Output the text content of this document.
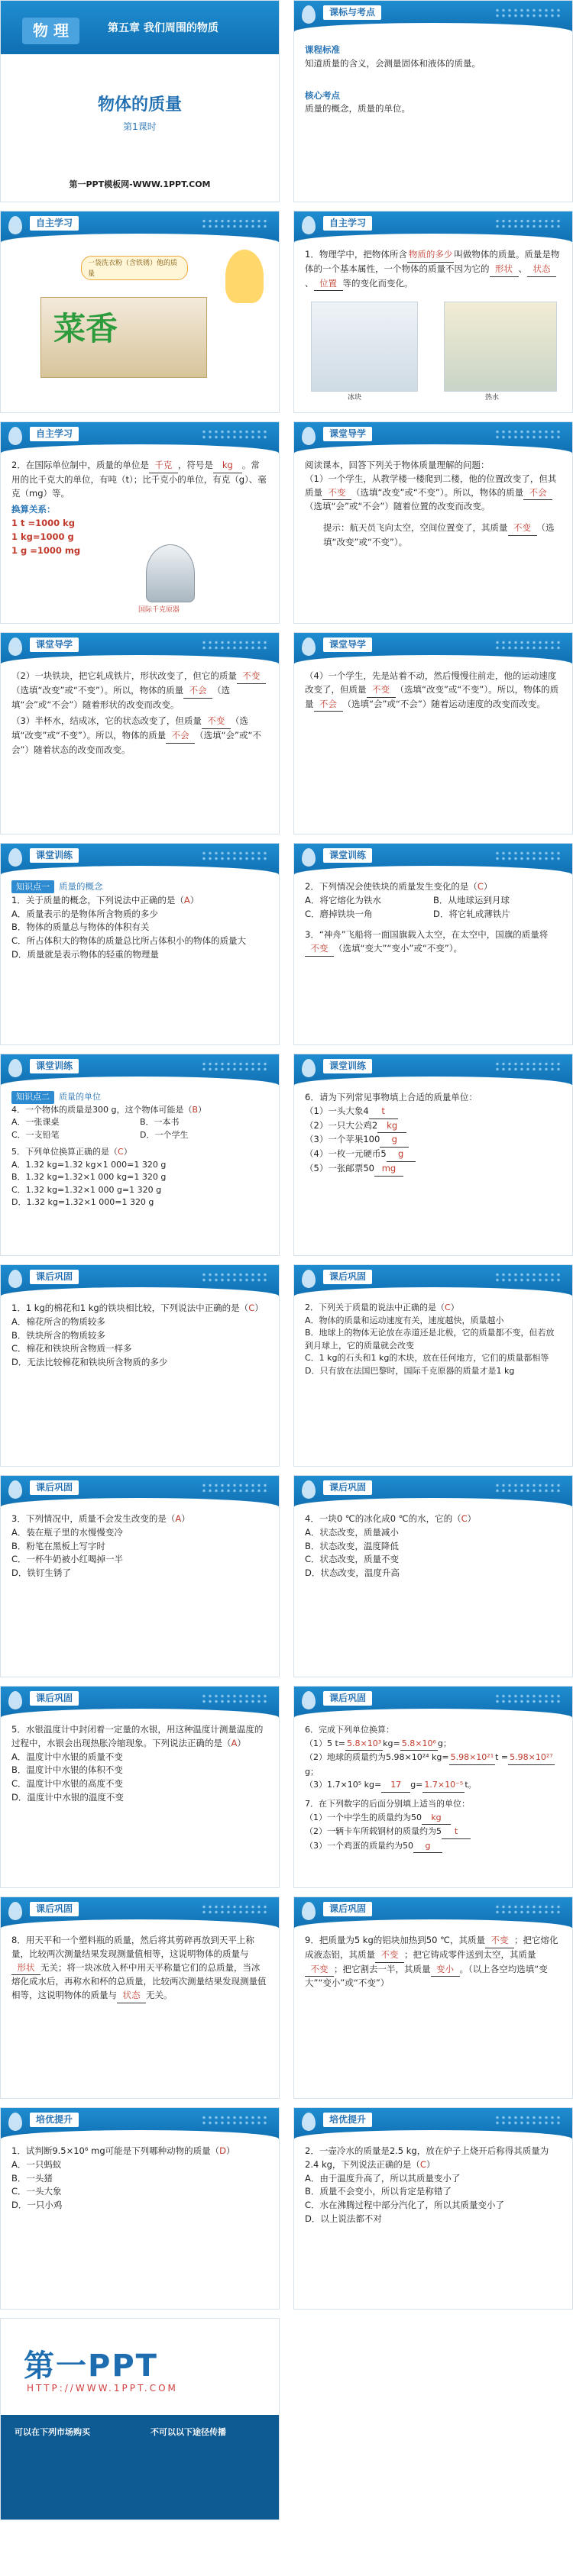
物 理	第五章 我们周围的物质
物体的质量
第1课时
第一PPT模板网-WWW.1PPT.COM
课标与考点
课程标准
知道质量的含义，会测量固体和液体的质量。
核心考点
质量的概念，质量的单位。
自主学习
一袋洗衣粉（含铁锈）他的质量
菜香
自主学习
1．物理学中，把物体所含 物质的多少 叫做物体的质量。质量是物体的一个基本属性，一个物体的质量不因为它的 形状 、 状态、 位置 等的变化而变化。
冰块	热水
自主学习
2．在国际单位制中，质量的单位是 千克 ，符号是 kg 。常用的比千克大的单位，有吨（t）；比千克小的单位，有克（g）、毫克（mg）等。
换算关系：
1 t =1000 kg
1 kg=1000 g
1 g =1000 mg
国际千克原器
课堂导学
阅读课本，回答下列关于物体质量理解的问题：
（1）一个学生，从教学楼一楼爬到二楼，他的位置改变了，但其质量 不变 （选填“改变”或“不变”）。所以，物体的质量 不会（选填“会”或“不会”）随着位置的改变而改变。
提示：航天员飞向太空，空间位置变了，其质量 不变 （选填“改变”或“不变”）。
课堂导学
（2）一块铁块，把它轧成铁片，形状改变了，但它的质量 不变（选填“改变”或“不变”）。所以，物体的质量 不会 （选填“会”或“不会”）随着形状的改变而改变。
（3）半杯水，结成冰，它的状态改变了，但质量 不变 （选填“改变”或“不变”）。所以，物体的质量 不会 （选填“会”或“不会”）随着状态的改变而改变。
课堂导学
（4）一个学生，先是站着不动，然后慢慢往前走，他的运动速度改变了，但质量 不变 （选填“改变”或“不变”）。所以，物体的质量 不会 （选填“会”或“不会”）随着运动速度的改变而改变。
课堂训练
知识点一 质量的概念
1．关于质量的概念，下列说法中正确的是（A）
A．质量表示的是物体所含物质的多少
B．物体的质量总与物体的体积有关
C．所占体积大的物体的质量总比所占体积小的物体的质量大
D．质量就是表示物体的轻重的物理量
课堂训练
2．下列情况会使铁块的质量发生变化的是（C）
A．将它熔化为铁水	B．从地球运到月球
C．磨掉铁块一角	D．将它轧成薄铁片
3．“神舟”飞船将一面国旗载入太空，在太空中，国旗的质量将不变 （选填“变大”“变小”或“不变”）。
课堂训练
知识点二 质量的单位
4．一个物体的质量是300 g，这个物体可能是（B）
A．一张课桌	B．一本书
C．一支铅笔	D．一个学生
5．下列单位换算正确的是（C）
A．1.32 kg=1.32 kg×1 000=1 320 g
B．1.32 kg=1.32×1 000 kg=1 320 g
C．1.32 kg=1.32×1 000 g=1 320 g
D．1.32 kg=1.32×1 000=1 320 g
课堂训练
6．请为下列常见事物填上合适的质量单位：
（1）一头大象4 t
（2）一只大公鸡2 kg
（3）一个苹果100 g
（4）一枚一元硬币5 g
（5）一张邮票50 mg
课后巩固
1．1 kg的棉花和1 kg的铁块相比较，下列说法中正确的是（C）
A．棉花所含的物质较多
B．铁块所含的物质较多
C．棉花和铁块所含物质一样多
D．无法比较棉花和铁块所含物质的多少
课后巩固
2．下列关于质量的说法中正确的是（C）
A．物体的质量和运动速度有关，速度越快，质量越小
B．地球上的物体无论放在赤道还是北极，它的质量都不变，但若放到月球上，它的质量就会改变
C．1 kg的石头和1 kg的木块，放在任何地方，它们的质量都相等
D．只有放在法国巴黎时，国际千克原器的质量才是1 kg
课后巩固
3．下列情况中，质量不会发生改变的是（A）
A．装在瓶子里的水慢慢变冷
B．粉笔在黑板上写字时
C．一杯牛奶被小红喝掉一半
D．铁钉生锈了
课后巩固
4．一块0 ℃的冰化成0 ℃的水，它的（C）
A．状态改变，质量减小
B．状态改变，温度降低
C．状态改变，质量不变
D．状态改变，温度升高
课后巩固
5．水银温度计中封闭着一定量的水银，用这种温度计测量温度的过程中，水银会出现热胀冷缩现象。下列说法正确的是（A）
A．温度计中水银的质量不变
B．温度计中水银的体积不变
C．温度计中水银的高度不变
D．温度计中水银的温度不变
课后巩固
6．完成下列单位换算：
（1）5 t= 5.8×10³ kg= 5.8×10⁶ g；
（2）地球的质量约为5.98×10²⁴ kg= 5.98×10²¹ t = 5.98×10²⁷g；
（3）1.7×10⁵ kg= 17 g= 1.7×10⁻⁵ t。
7．在下列数字的后面分别填上适当的单位：
（1）一个中学生的质量约为50 kg
（2）一辆卡车所载钢材的质量约为5 t
（3）一个鸡蛋的质量约为50 g
课后巩固
8．用天平和一个塑料瓶的质量，然后将其剪碎再放到天平上称量，比较两次测量结果发现测量值相等，这说明物体的质量与形状 无关；将一块冰放入杯中用天平称量它们的总质量，当冰熔化成水后，再称水和杯的总质量，比较两次测量结果发现测量值相等，这说明物体的质量与 状态 无关。
课后巩固
9．把质量为5 kg的铝块加热到50 ℃，其质量 不变 ；把它熔化成液态铝，其质量 不变 ；把它铸成零件送到太空，其质量不变 ；把它割去一半，其质量 变小 。（以上各空均选填“变大”“变小”或“不变”）
培优提升
1．试判断9.5×10⁶ mg可能是下列哪种动物的质量（D）
A．一只蚂蚁
B．一头猪
C．一头大象
D．一只小鸡
培优提升
2．一壶冷水的质量是2.5 kg，放在炉子上烧开后称得其质量为2.4 kg，下列说法正确的是（C）
A．由于温度升高了，所以其质量变小了
B．质量不会变小，所以肯定是称错了
C．水在沸腾过程中部分汽化了，所以其质量变小了
D．以上说法都不对
第一PPT
HTTP://WWW.1PPT.COM
可以在下列市场购买	不可以以下途径传播
